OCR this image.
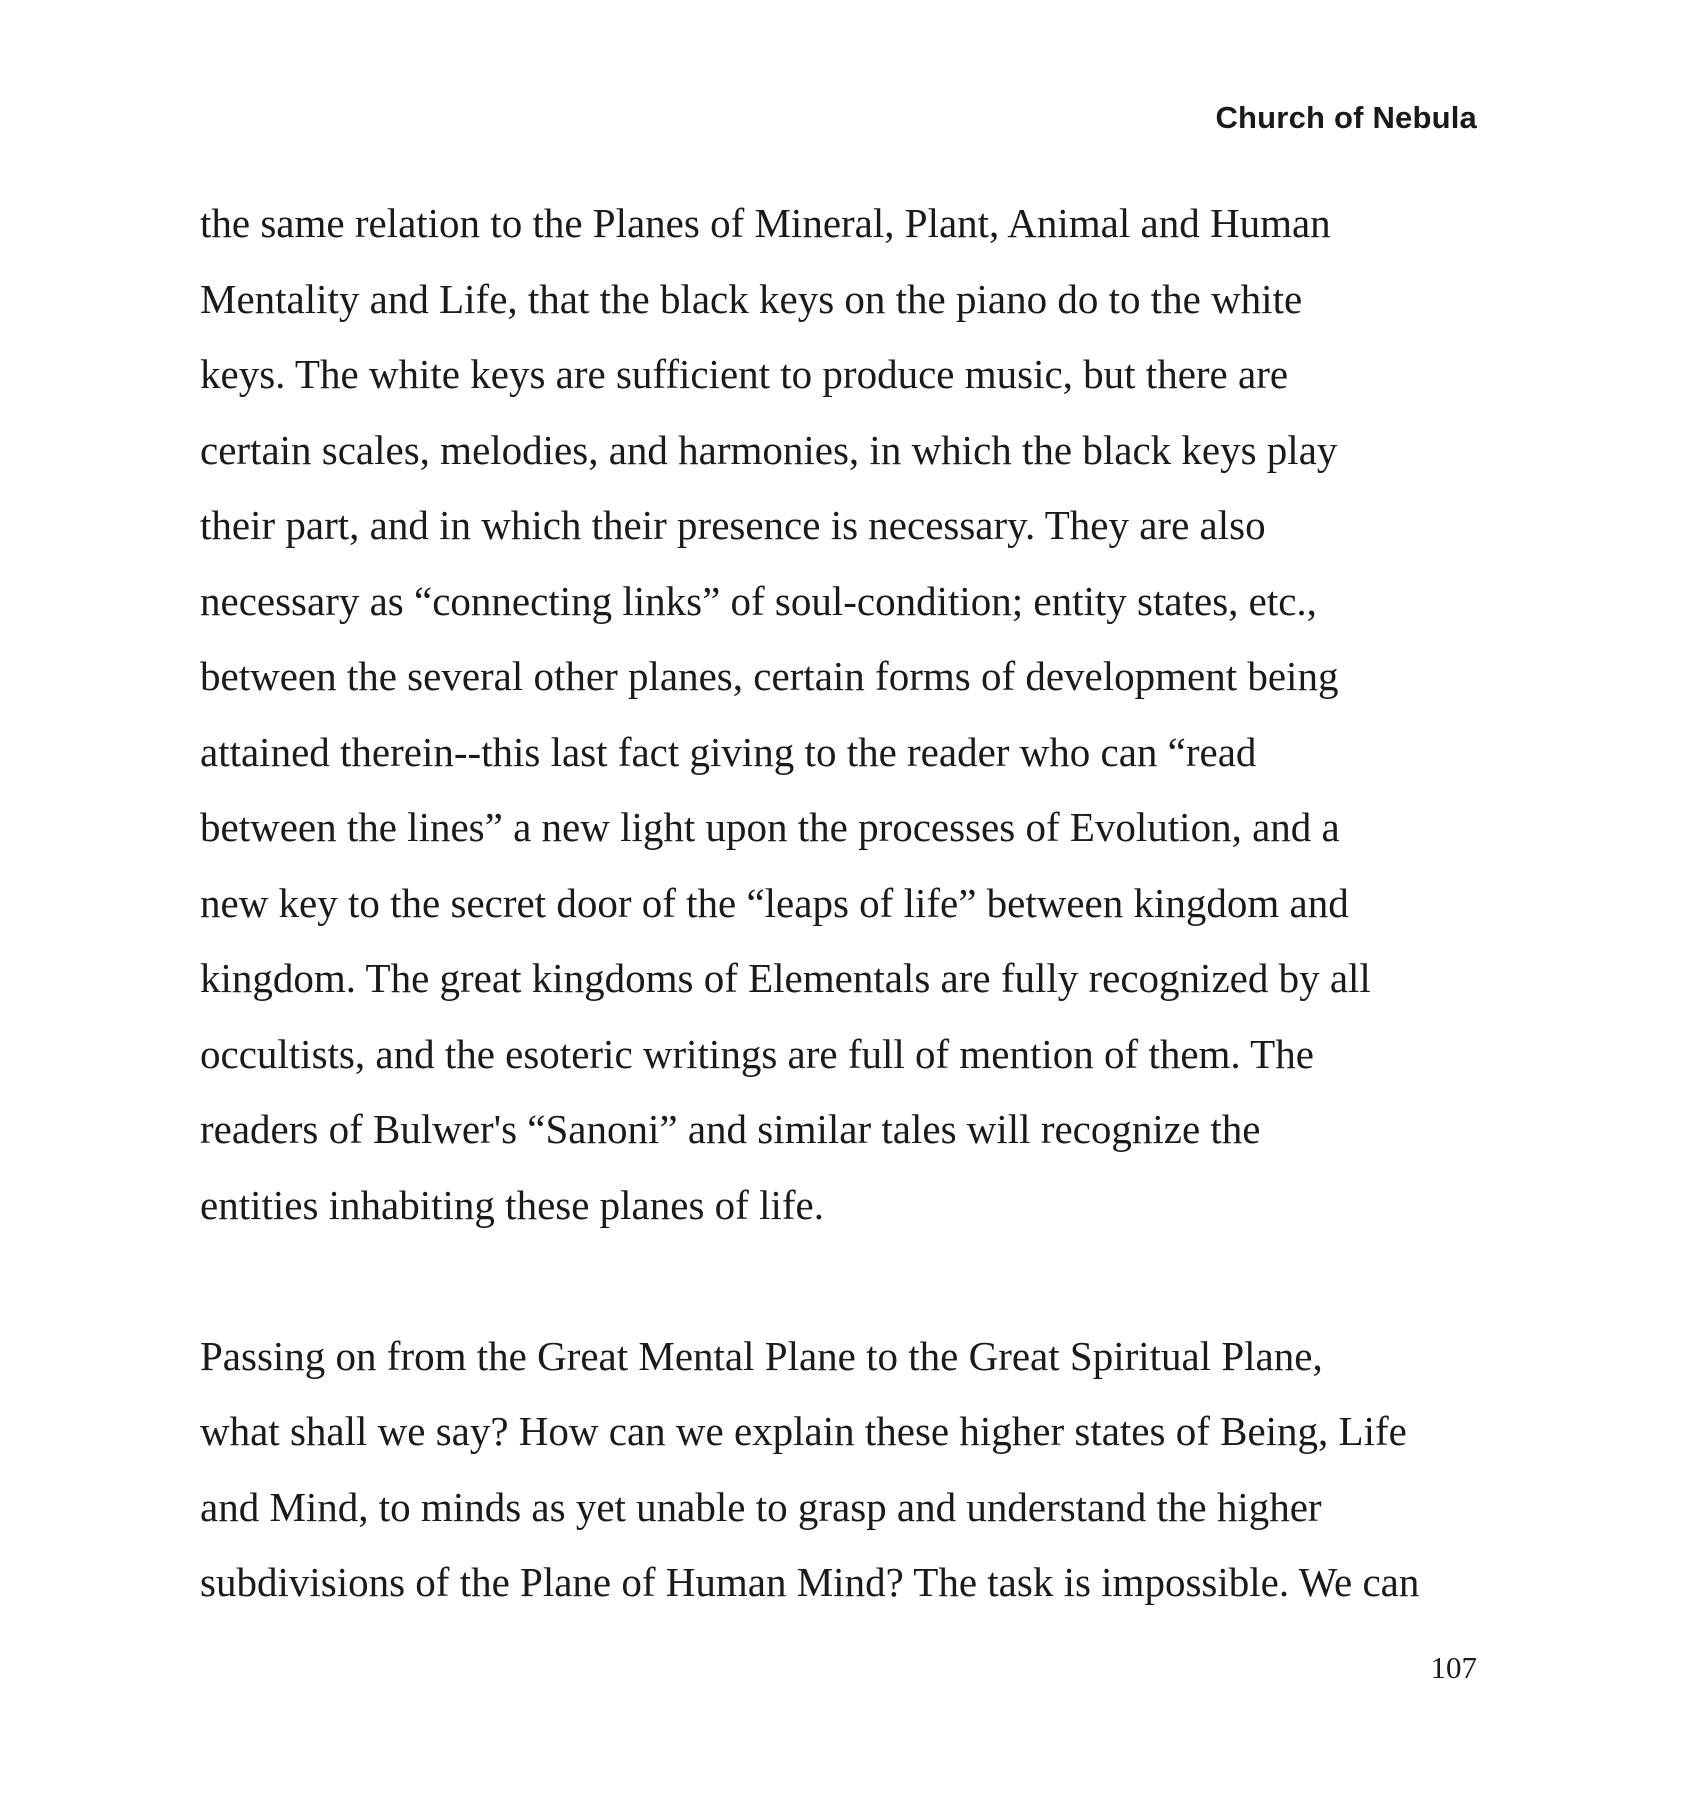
Church of Nebula
the same relation to the Planes of Mineral, Plant, Animal and Human
Mentality and Life, that the black keys on the piano do to the white
keys. The white keys are sufficient to produce music, but there are
certain scales, melodies, and harmonies, in which the black keys play
their part, and in which their presence is necessary. They are also
necessary as “connecting links” of soul-condition; entity states, etc.,
between the several other planes, certain forms of development being
attained therein--this last fact giving to the reader who can “read
between the lines” a new light upon the processes of Evolution, and a
new key to the secret door of the “leaps of life” between kingdom and
kingdom. The great kingdoms of Elementals are fully recognized by all
occultists, and the esoteric writings are full of mention of them. The
readers of Bulwer's “Sanoni” and similar tales will recognize the
entities inhabiting these planes of life.
Passing on from the Great Mental Plane to the Great Spiritual Plane,
what shall we say? How can we explain these higher states of Being, Life
and Mind, to minds as yet unable to grasp and understand the higher
subdivisions of the Plane of Human Mind? The task is impossible. We can
107
